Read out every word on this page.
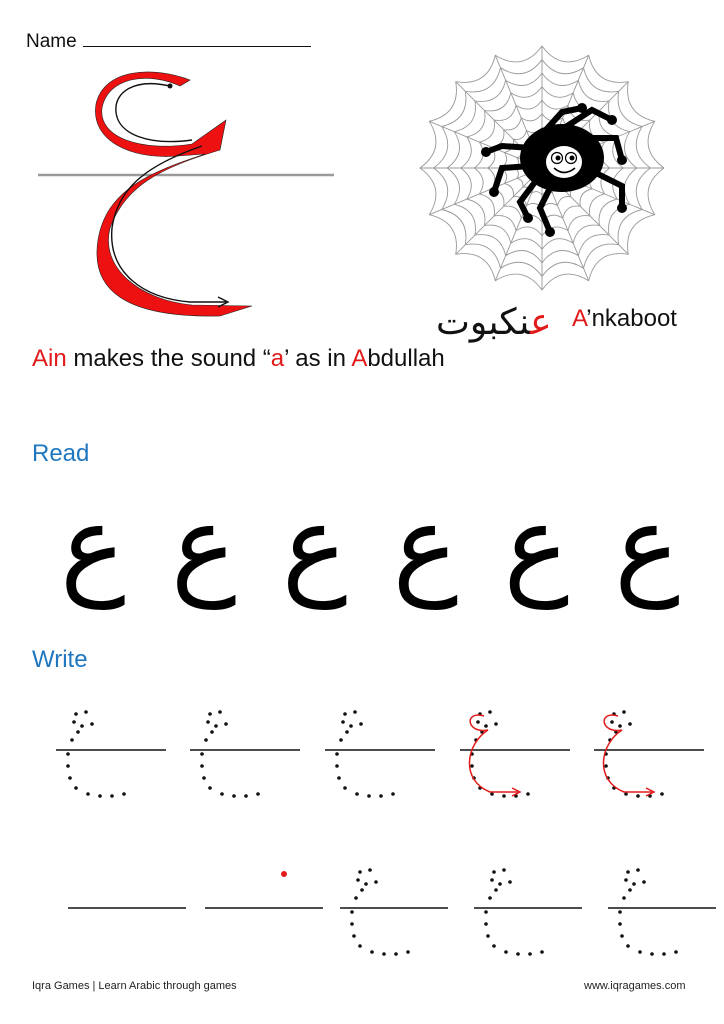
Name
عنكبوت	A’nkaboot
Ain makes the sound “a’ as in Abdullah
Read
ع ع ع ع ع ع
Write
Iqra Games | Learn Arabic through games	www.iqragames.com
